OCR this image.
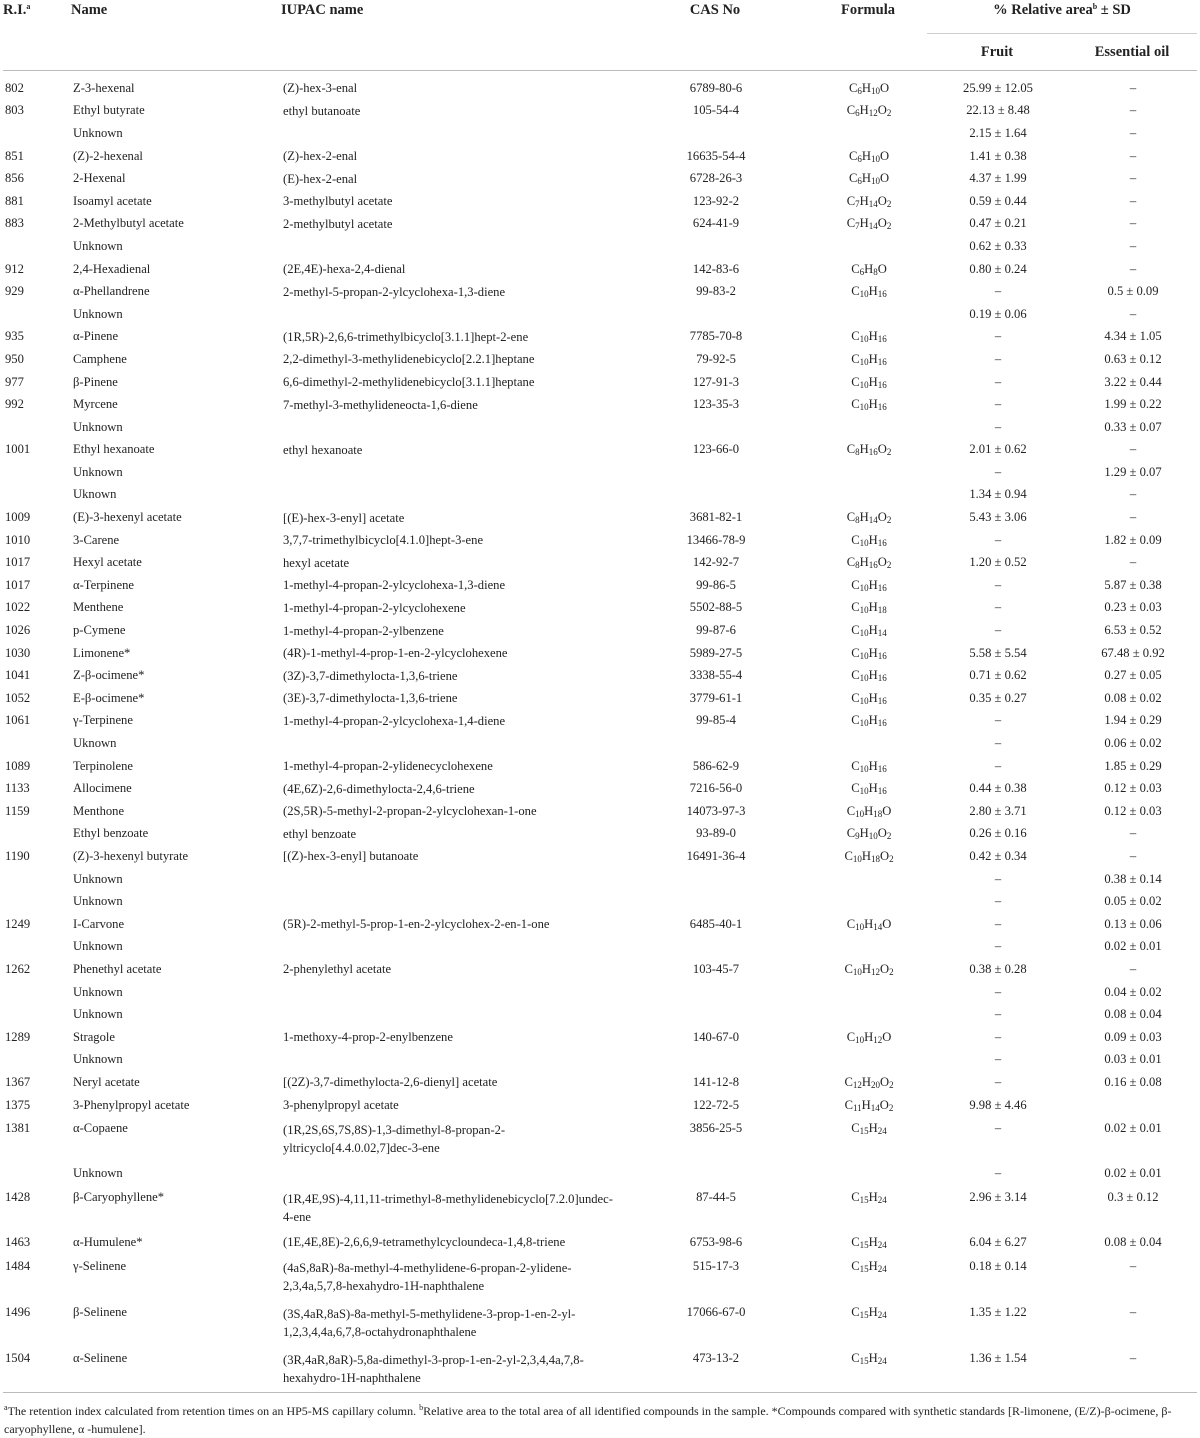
R.I.$^a$	Name	IUPAC name	CAS No	Formula	% Relative area$^b$ ± SD	
					Fruit	Essential oil
802	Z-3-hexenal	(Z)-hex-3-enal	6789-80-6	$C_6H_{10}O$	25.99 ± 12.05	–
803	Ethyl butyrate	ethyl butanoate	105-54-4	$C_6H_{12}O_2$	22.13 ± 8.48	–
	Unknown				2.15 ± 1.64	–
851	(Z)-2-hexenal	(Z)-hex-2-enal	16635-54-4	$C_6H_{10}O$	1.41 ± 0.38	–
856	2-Hexenal	(E)-hex-2-enal	6728-26-3	$C_6H_{10}O$	4.37 ± 1.99	–
881	Isoamyl acetate	3-methylbutyl acetate	123-92-2	$C_7H_{14}O_2$	0.59 ± 0.44	–
883	2-Methylbutyl acetate	2-methylbutyl acetate	624-41-9	$C_7H_{14}O_2$	0.47 ± 0.21	–
	Unknown				0.62 ± 0.33	–
912	2,4-Hexadienal	(2E,4E)-hexa-2,4-dienal	142-83-6	$C_6H_8O$	0.80 ± 0.24	–
929	α-Phellandrene	2-methyl-5-propan-2-ylcyclohexa-1,3-diene	99-83-2	$C_{10}H_{16}$	–	0.5 ± 0.09
	Unknown				0.19 ± 0.06	–
935	α-Pinene	(1R,5R)-2,6,6-trimethylbicyclo[3.1.1]hept-2-ene	7785-70-8	$C_{10}H_{16}$	–	4.34 ± 1.05
950	Camphene	2,2-dimethyl-3-methylidenebicyclo[2.2.1]heptane	79-92-5	$C_{10}H_{16}$	–	0.63 ± 0.12
977	β-Pinene	6,6-dimethyl-2-methylidenebicyclo[3.1.1]heptane	127-91-3	$C_{10}H_{16}$	–	3.22 ± 0.44
992	Myrcene	7-methyl-3-methylideneocta-1,6-diene	123-35-3	$C_{10}H_{16}$	–	1.99 ± 0.22
	Unknown				–	0.33 ± 0.07
1001	Ethyl hexanoate	ethyl hexanoate	123-66-0	$C_8H_{16}O_2$	2.01 ± 0.62	–
	Unknown				–	1.29 ± 0.07
	Uknown				1.34 ± 0.94	–
1009	(E)-3-hexenyl acetate	[(E)-hex-3-enyl] acetate	3681-82-1	$C_8H_{14}O_2$	5.43 ± 3.06	–
1010	3-Carene	3,7,7-trimethylbicyclo[4.1.0]hept-3-ene	13466-78-9	$C_{10}H_{16}$	–	1.82 ± 0.09
1017	Hexyl acetate	hexyl acetate	142-92-7	$C_8H_{16}O_2$	1.20 ± 0.52	–
1017	α-Terpinene	1-methyl-4-propan-2-ylcyclohexa-1,3-diene	99-86-5	$C_{10}H_{16}$	–	5.87 ± 0.38
1022	Menthene	1-methyl-4-propan-2-ylcyclohexene	5502-88-5	$C_{10}H_{18}$	–	0.23 ± 0.03
1026	p-Cymene	1-methyl-4-propan-2-ylbenzene	99-87-6	$C_{10}H_{14}$	–	6.53 ± 0.52
1030	Limonene*	(4R)-1-methyl-4-prop-1-en-2-ylcyclohexene	5989-27-5	$C_{10}H_{16}$	5.58 ± 5.54	67.48 ± 0.92
1041	Z-β-ocimene*	(3Z)-3,7-dimethylocta-1,3,6-triene	3338-55-4	$C_{10}H_{16}$	0.71 ± 0.62	0.27 ± 0.05
1052	E-β-ocimene*	(3E)-3,7-dimethylocta-1,3,6-triene	3779-61-1	$C_{10}H_{16}$	0.35 ± 0.27	0.08 ± 0.02
1061	γ-Terpinene	1-methyl-4-propan-2-ylcyclohexa-1,4-diene	99-85-4	$C_{10}H_{16}$	–	1.94 ± 0.29
	Uknown				–	0.06 ± 0.02
1089	Terpinolene	1-methyl-4-propan-2-ylidenecyclohexene	586-62-9	$C_{10}H_{16}$	–	1.85 ± 0.29
1133	Allocimene	(4E,6Z)-2,6-dimethylocta-2,4,6-triene	7216-56-0	$C_{10}H_{16}$	0.44 ± 0.38	0.12 ± 0.03
1159	Menthone	(2S,5R)-5-methyl-2-propan-2-ylcyclohexan-1-one	14073-97-3	$C_{10}H_{18}O$	2.80 ± 3.71	0.12 ± 0.03
	Ethyl benzoate	ethyl benzoate	93-89-0	$C_9H_{10}O_2$	0.26 ± 0.16	–
1190	(Z)-3-hexenyl butyrate	[(Z)-hex-3-enyl] butanoate	16491-36-4	$C_{10}H_{18}O_2$	0.42 ± 0.34	–
	Unknown				–	0.38 ± 0.14
	Unknown				–	0.05 ± 0.02
1249	I-Carvone	(5R)-2-methyl-5-prop-1-en-2-ylcyclohex-2-en-1-one	6485-40-1	$C_{10}H_{14}O$	–	0.13 ± 0.06
	Unknown				–	0.02 ± 0.01
1262	Phenethyl acetate	2-phenylethyl acetate	103-45-7	$C_{10}H_{12}O_2$	0.38 ± 0.28	–
	Unknown				–	0.04 ± 0.02
	Unknown				–	0.08 ± 0.04
1289	Stragole	1-methoxy-4-prop-2-enylbenzene	140-67-0	$C_{10}H_{12}O$	–	0.09 ± 0.03
	Unknown				–	0.03 ± 0.01
1367	Neryl acetate	[(2Z)-3,7-dimethylocta-2,6-dienyl] acetate	141-12-8	$C_{12}H_{20}O_2$	–	0.16 ± 0.08
1375	3-Phenylpropyl acetate	3-phenylpropyl acetate	122-72-5	$C_{11}H_{14}O_2$	9.98 ± 4.46	
1381	α-Copaene	(1R,2S,6S,7S,8S)-1,3-dimethyl-8-propan-2-yltricyclo[4.4.0.02,7]dec-3-ene	3856-25-5	$C_{15}H_{24}$	–	0.02 ± 0.01
	Unknown				–	0.02 ± 0.01
1428	β-Caryophyllene*	(1R,4E,9S)-4,11,11-trimethyl-8-methylidenebicyclo[7.2.0]undec-4-ene	87-44-5	$C_{15}H_{24}$	2.96 ± 3.14	0.3 ± 0.12
1463	α-Humulene*	(1E,4E,8E)-2,6,6,9-tetramethylcycloundeca-1,4,8-triene	6753-98-6	$C_{15}H_{24}$	6.04 ± 6.27	0.08 ± 0.04
1484	γ-Selinene	(4aS,8aR)-8a-methyl-4-methylidene-6-propan-2-ylidene-2,3,4a,5,7,8-hexahydro-1H-naphthalene	515-17-3	$C_{15}H_{24}$	0.18 ± 0.14	–
1496	β-Selinene	(3S,4aR,8aS)-8a-methyl-5-methylidene-3-prop-1-en-2-yl-1,2,3,4,4a,6,7,8-octahydronaphthalene	17066-67-0	$C_{15}H_{24}$	1.35 ± 1.22	–
1504	α-Selinene	(3R,4aR,8aR)-5,8a-dimethyl-3-prop-1-en-2-yl-2,3,4,4a,7,8-hexahydro-1H-naphthalene	473-13-2	$C_{15}H_{24}$	1.36 ± 1.54	–
$^a$The retention index calculated from retention times on an HP5-MS capillary column. $^b$Relative area to the total area of all identified compounds in the sample. *Compounds compared with synthetic standards [R-limonene, (E/Z)-β-ocimene, β-caryophyllene, α -humulene].
